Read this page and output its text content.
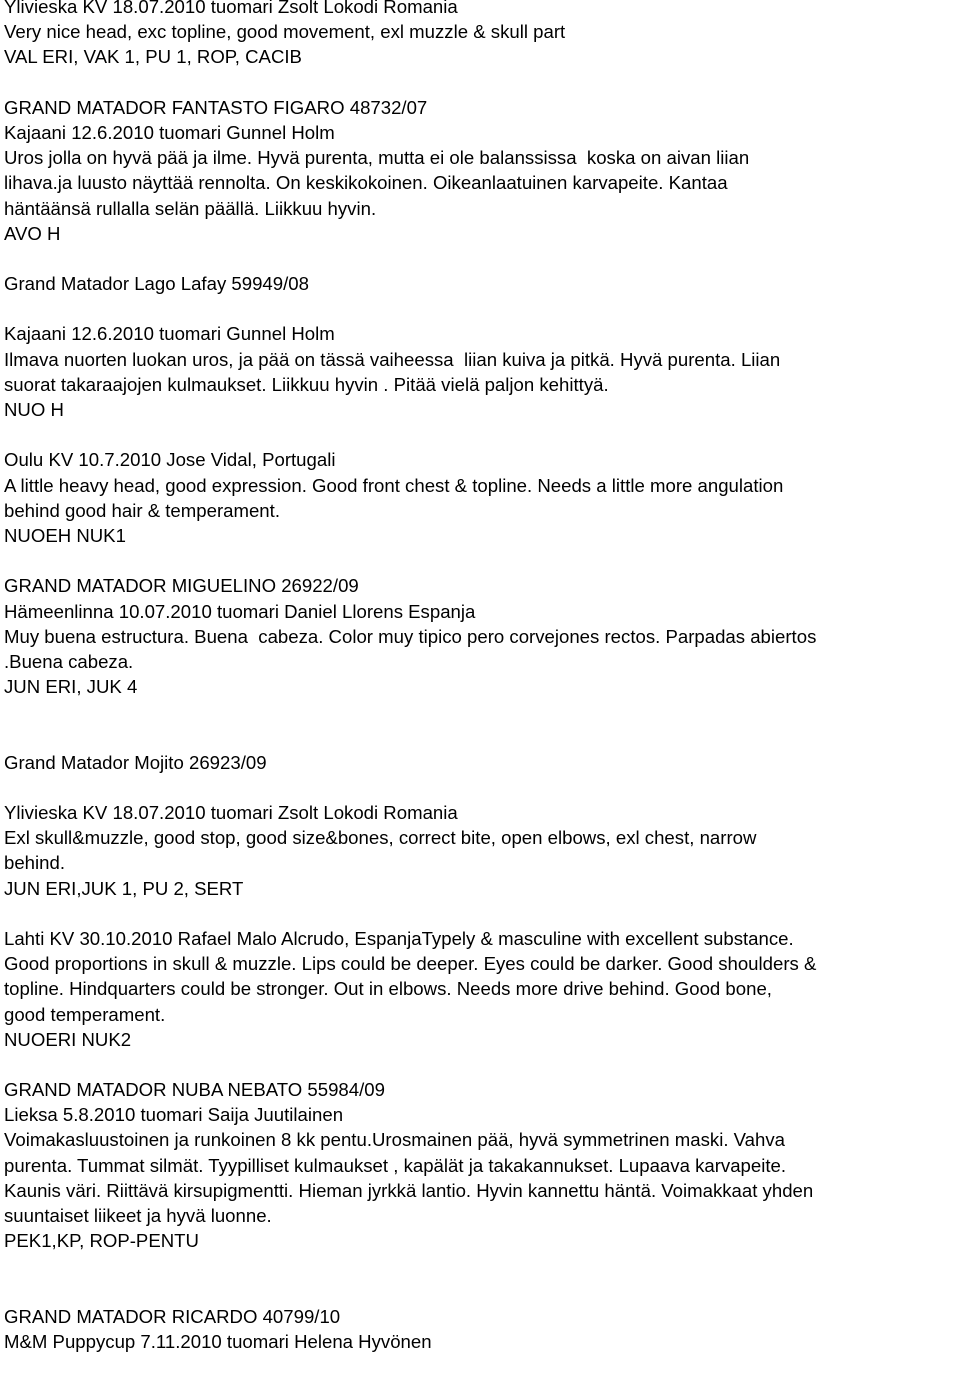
Ylivieska KV 18.07.2010 tuomari Zsolt Lokodi Romania
Very nice head, exc topline, good movement, exl muzzle & skull part
VAL ERI, VAK 1, PU 1, ROP, CACIB
GRAND MATADOR FANTASTO FIGARO 48732/07
Kajaani 12.6.2010 tuomari Gunnel Holm
Uros jolla on hyvä pää ja ilme. Hyvä purenta, mutta ei ole balanssissa  koska on aivan liian
lihava.ja luusto näyttää rennolta. On keskikokoinen. Oikeanlaatuinen karvapeite. Kantaa
häntäänsä rullalla selän päällä. Liikkuu hyvin.
AVO H
Grand Matador Lago Lafay 59949/08
Kajaani 12.6.2010 tuomari Gunnel Holm
Ilmava nuorten luokan uros, ja pää on tässä vaiheessa  liian kuiva ja pitkä. Hyvä purenta. Liian
suorat takaraajojen kulmaukset. Liikkuu hyvin . Pitää vielä paljon kehittyä.
NUO H
Oulu KV 10.7.2010 Jose Vidal, Portugali
A little heavy head, good expression. Good front chest & topline. Needs a little more angulation
behind good hair & temperament.
NUOEH NUK1
GRAND MATADOR MIGUELINO 26922/09
Hämeenlinna 10.07.2010 tuomari Daniel Llorens Espanja
Muy buena estructura. Buena  cabeza. Color muy tipico pero corvejones rectos. Parpadas abiertos
.Buena cabeza.
JUN ERI, JUK 4
Grand Matador Mojito 26923/09
Ylivieska KV 18.07.2010 tuomari Zsolt Lokodi Romania
Exl skull&muzzle, good stop, good size&bones, correct bite, open elbows, exl chest, narrow
behind.
JUN ERI,JUK 1, PU 2, SERT
Lahti KV 30.10.2010 Rafael Malo Alcrudo, EspanjaTypely & masculine with excellent substance.
Good proportions in skull & muzzle. Lips could be deeper. Eyes could be darker. Good shoulders &
topline. Hindquarters could be stronger. Out in elbows. Needs more drive behind. Good bone,
good temperament.
NUOERI NUK2
GRAND MATADOR NUBA NEBATO 55984/09
Lieksa 5.8.2010 tuomari Saija Juutilainen
Voimakasluustoinen ja runkoinen 8 kk pentu.Urosmainen pää, hyvä symmetrinen maski. Vahva
purenta. Tummat silmät. Tyypilliset kulmaukset , kapälät ja takakannukset. Lupaava karvapeite.
Kaunis väri. Riittävä kirsupigmentti. Hieman jyrkkä lantio. Hyvin kannettu häntä. Voimakkaat yhden
suuntaiset liikeet ja hyvä luonne.
PEK1,KP, ROP-PENTU
GRAND MATADOR RICARDO 40799/10
M&M Puppycup 7.11.2010 tuomari Helena Hyvönen
